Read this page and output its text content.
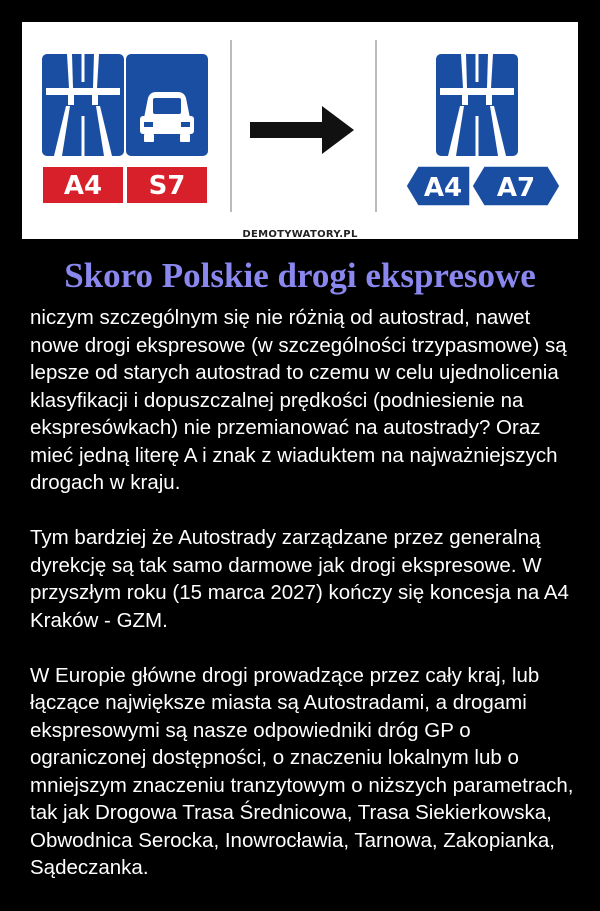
A4 S7	A4 A7
DEMOTYWATORY.PL
Skoro Polskie drogi ekspresowe

niczym szczególnym się nie różnią od autostrad, nawet nowe drogi ekspresowe (w szczególności trzypasmowe) są lepsze od starych autostrad to czemu w celu ujednolicenia klasyfikacji i dopuszczalnej prędkości (podniesienie na ekspresówkach) nie przemianować na autostrady? Oraz mieć jedną literę A i znak z wiaduktem na najważniejszych drogach w kraju.

Tym bardziej że Autostrady zarządzane przez generalną dyrekcję są tak samo darmowe jak drogi ekspresowe. W przyszłym roku (15 marca 2027) kończy się koncesja na A4 Kraków - GZM.

W Europie główne drogi prowadzące przez cały kraj, lub łączące największe miasta są Autostradami, a drogami ekspresowymi są nasze odpowiedniki dróg GP o ograniczonej dostępności, o znaczeniu lokalnym lub o mniejszym znaczeniu tranzytowym o niższych parametrach, tak jak Drogowa Trasa Średnicowa, Trasa Siekierkowska, Obwodnica Serocka, Inowrocławia, Tarnowa, Zakopianka, Sądeczanka.
